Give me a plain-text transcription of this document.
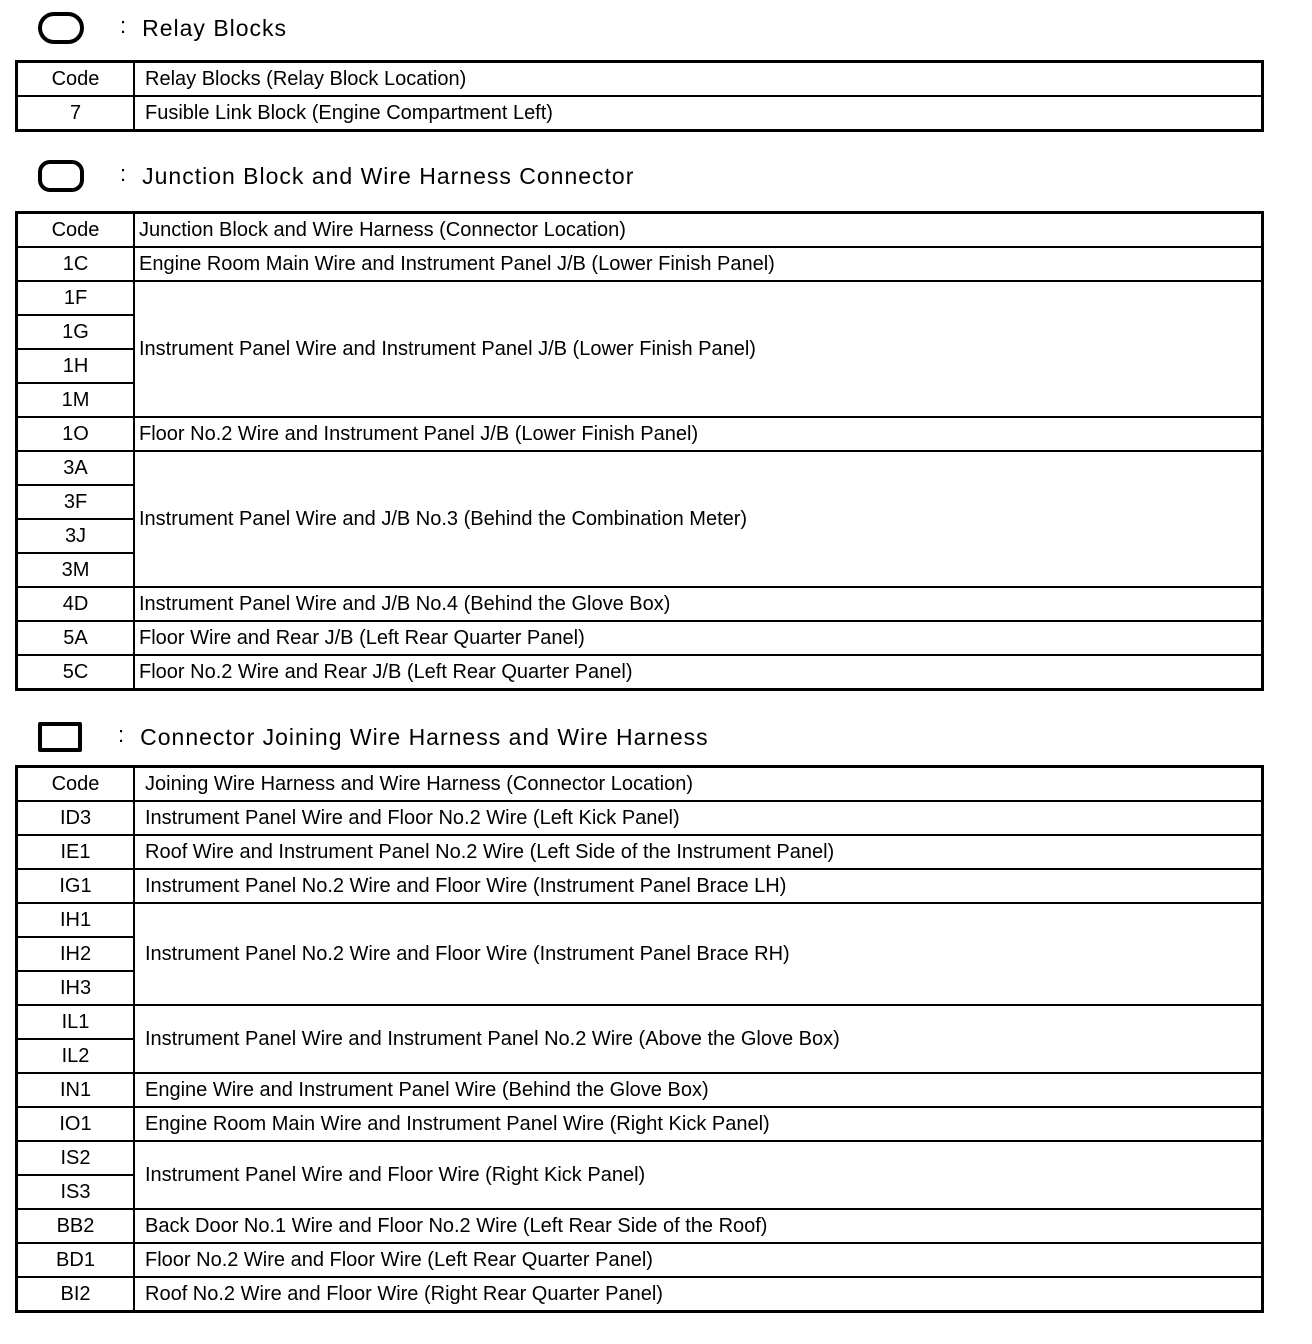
: Relay Blocks
Code	Relay Blocks (Relay Block Location)
7	Fusible Link Block (Engine Compartment Left)
: Junction Block and Wire Harness Connector
Code	Junction Block and Wire Harness (Connector Location)
1C	Engine Room Main Wire and Instrument Panel J/B (Lower Finish Panel)
1F	Instrument Panel Wire and Instrument Panel J/B (Lower Finish Panel)
1G	
1H	
1M	
1O	Floor No.2 Wire and Instrument Panel J/B (Lower Finish Panel)
3A	Instrument Panel Wire and J/B No.3 (Behind the Combination Meter)
3F	
3J	
3M	
4D	Instrument Panel Wire and J/B No.4 (Behind the Glove Box)
5A	Floor Wire and Rear J/B (Left Rear Quarter Panel)
5C	Floor No.2 Wire and Rear J/B (Left Rear Quarter Panel)
: Connector Joining Wire Harness and Wire Harness
Code	Joining Wire Harness and Wire Harness (Connector Location)
ID3	Instrument Panel Wire and Floor No.2 Wire (Left Kick Panel)
IE1	Roof Wire and Instrument Panel No.2 Wire (Left Side of the Instrument Panel)
IG1	Instrument Panel No.2 Wire and Floor Wire (Instrument Panel Brace LH)
IH1	Instrument Panel No.2 Wire and Floor Wire (Instrument Panel Brace RH)
IH2	
IH3	
IL1	Instrument Panel Wire and Instrument Panel No.2 Wire (Above the Glove Box)
IL2	
IN1	Engine Wire and Instrument Panel Wire (Behind the Glove Box)
IO1	Engine Room Main Wire and Instrument Panel Wire (Right Kick Panel)
IS2	Instrument Panel Wire and Floor Wire (Right Kick Panel)
IS3	
BB2	Back Door No.1 Wire and Floor No.2 Wire (Left Rear Side of the Roof)
BD1	Floor No.2 Wire and Floor Wire (Left Rear Quarter Panel)
BI2	Roof No.2 Wire and Floor Wire (Right Rear Quarter Panel)
